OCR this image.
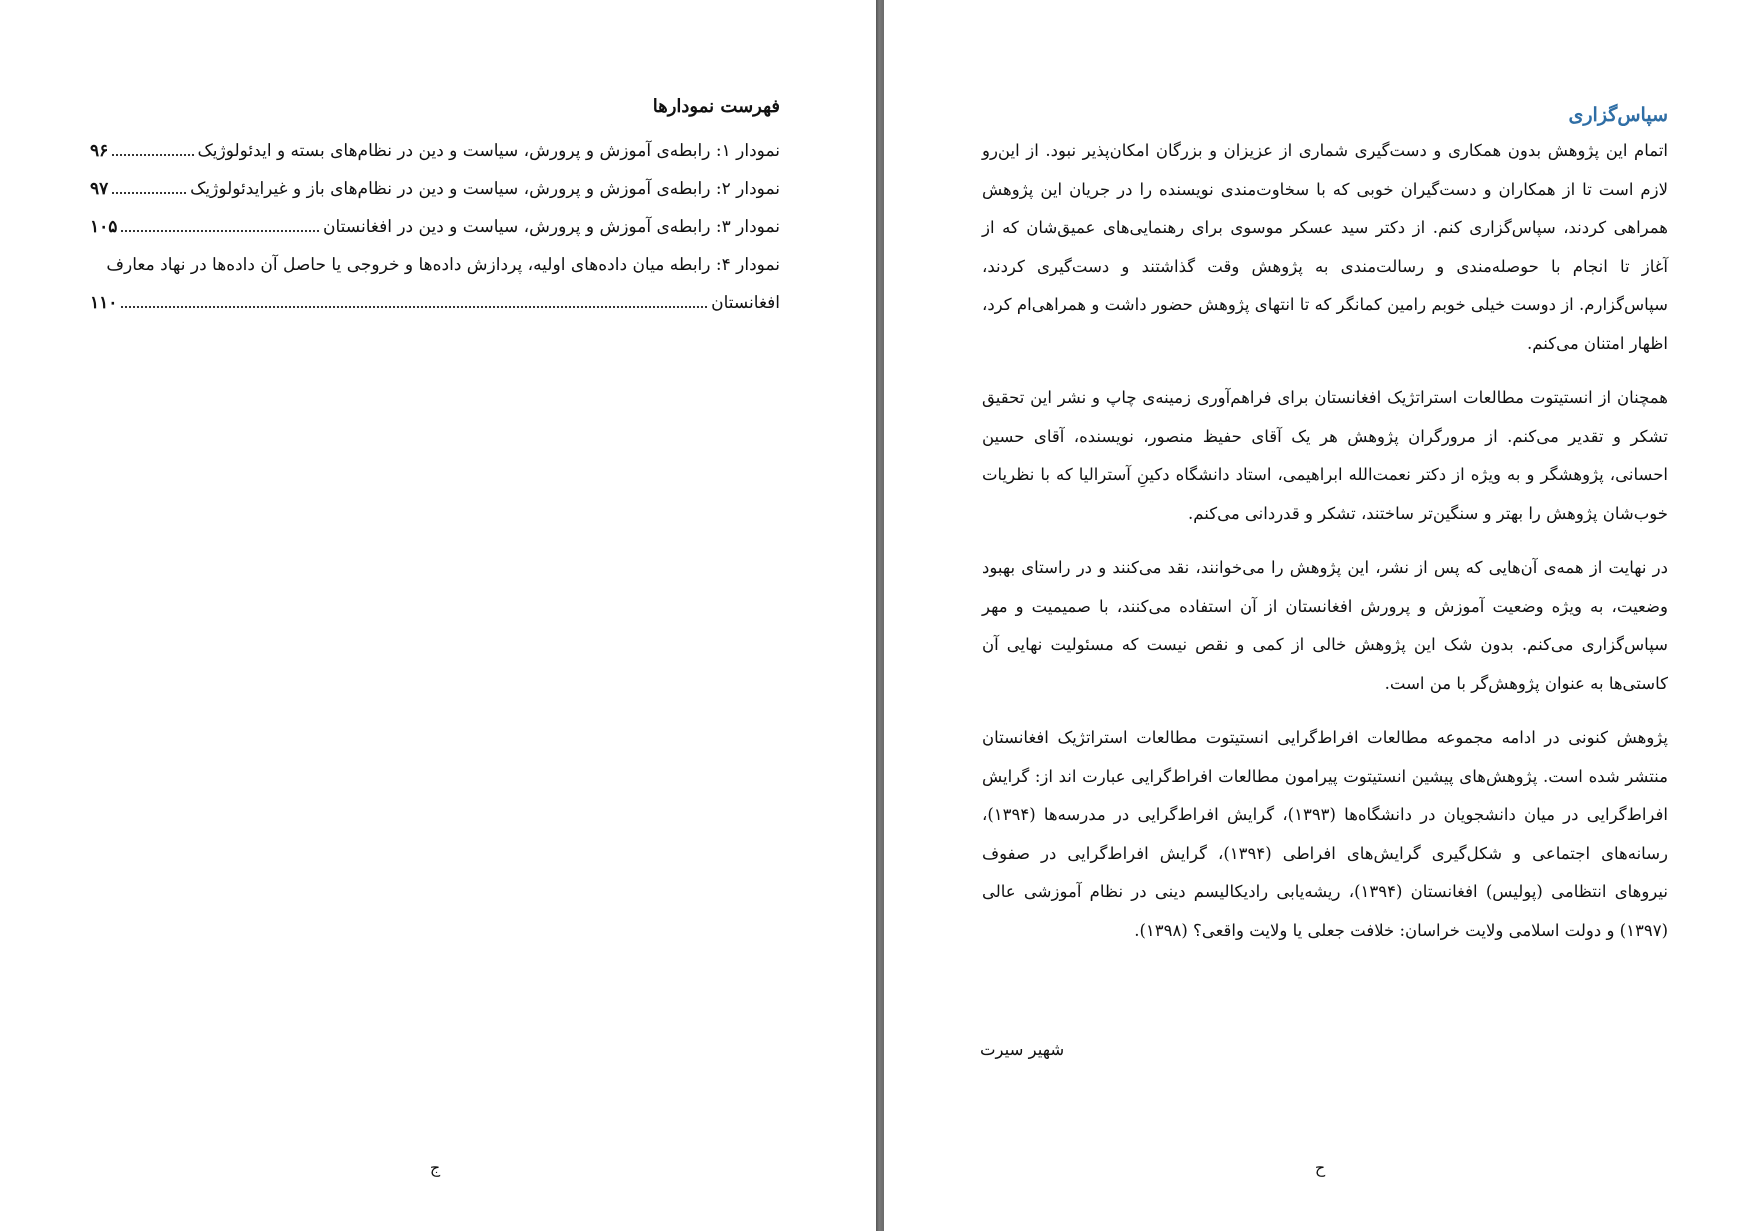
فهرست نمودارها
نمودار ۱: رابطه‌ی آموزش و پرورش، سیاست و دین در نظام‌های بسته و ایدئولوژیک
۹۶
نمودار ۲: رابطه‌ی آموزش و پرورش، سیاست و دین در نظام‌های باز و غیرایدئولوژیک
۹۷
نمودار ۳: رابطه‌ی آموزش و پرورش، سیاست و دین در افغانستان
۱۰۵
نمودار ۴: رابطه میان داده‌های اولیه، پردازش داده‌ها و خروجی یا حاصل آن داده‌ها در نهاد معارف
افغانستان
۱۱۰
ج
سپاس‌گزاری

اتمام این پژوهش بدون همکاری و دست‌گیری شماری از عزیزان و بزرگان امکان‌پذیر نبود. از این‌رو لازم است تا از همکاران و دست‌گیران خوبی که با سخاوت‌مندی نویسنده را در جریان این پژوهش همراهی کردند، سپاس‌گزاری کنم. از دکتر سید عسکر موسوی برای رهنمایی‌های عمیق‌شان که از آغاز تا انجام با حوصله‌مندی و رسالت‌مندی به پژوهش وقت گذاشتند و دست‌گیری کردند، سپاس‌گزارم. از دوست خیلی خوبم رامین کمانگر که تا انتهای پژوهش حضور داشت و همراهی‌ام کرد، اظهار امتنان می‌کنم.

همچنان از انستیتوت مطالعات استراتژیک افغانستان برای فراهم‌آوری زمینه‌ی چاپ و نشر این تحقیق تشکر و تقدیر می‌کنم. از مرورگران پژوهش هر یک آقای حفیظ منصور، نویسنده، آقای حسین احسانی، پژوهشگر و به ویژه از دکتر نعمت‌الله ابراهیمی، استاد دانشگاه دکینِ آسترالیا که با نظریات خوب‌شان پژوهش را بهتر و سنگین‌تر ساختند، تشکر و قدردانی می‌کنم.

در نهایت از همه‌ی آن‌هایی که پس از نشر، این پژوهش را می‌خوانند، نقد می‌کنند و در راستای بهبود وضعیت، به ویژه وضعیت آموزش و پرورش افغانستان از آن استفاده می‌کنند، با صمیمیت و مهر سپاس‌گزاری می‌کنم. بدون شک این پژوهش خالی از کمی و نقص نیست که مسئولیت نهایی آن کاستی‌ها به عنوان پژوهش‌گر با من است.

پژوهش کنونی در ادامه مجموعه مطالعات افراط‌گرایی انستیتوت مطالعات استراتژیک افغانستان منتشر شده است. پژوهش‌های پیشین انستیتوت پیرامون مطالعات افراط‌گرایی عبارت اند از: گرایش افراط‌گرایی در میان دانشجویان در دانشگاه‌ها (۱۳۹۳)، گرایش افراط‌گرایی در مدرسه‌ها (۱۳۹۴)، رسانه‌های اجتماعی و شکل‌گیری گرایش‌های افراطی (۱۳۹۴)، گرایش افراط‌گرایی در صفوف نیروهای انتظامی (پولیس) افغانستان (۱۳۹۴)، ریشه‌یابی رادیکالیسم دینی در نظام آموزشی عالی (۱۳۹۷) و دولت اسلامی ولایت خراسان: خلافت جعلی یا ولایت واقعی؟ (۱۳۹۸).

شهیر سیرت
ح
